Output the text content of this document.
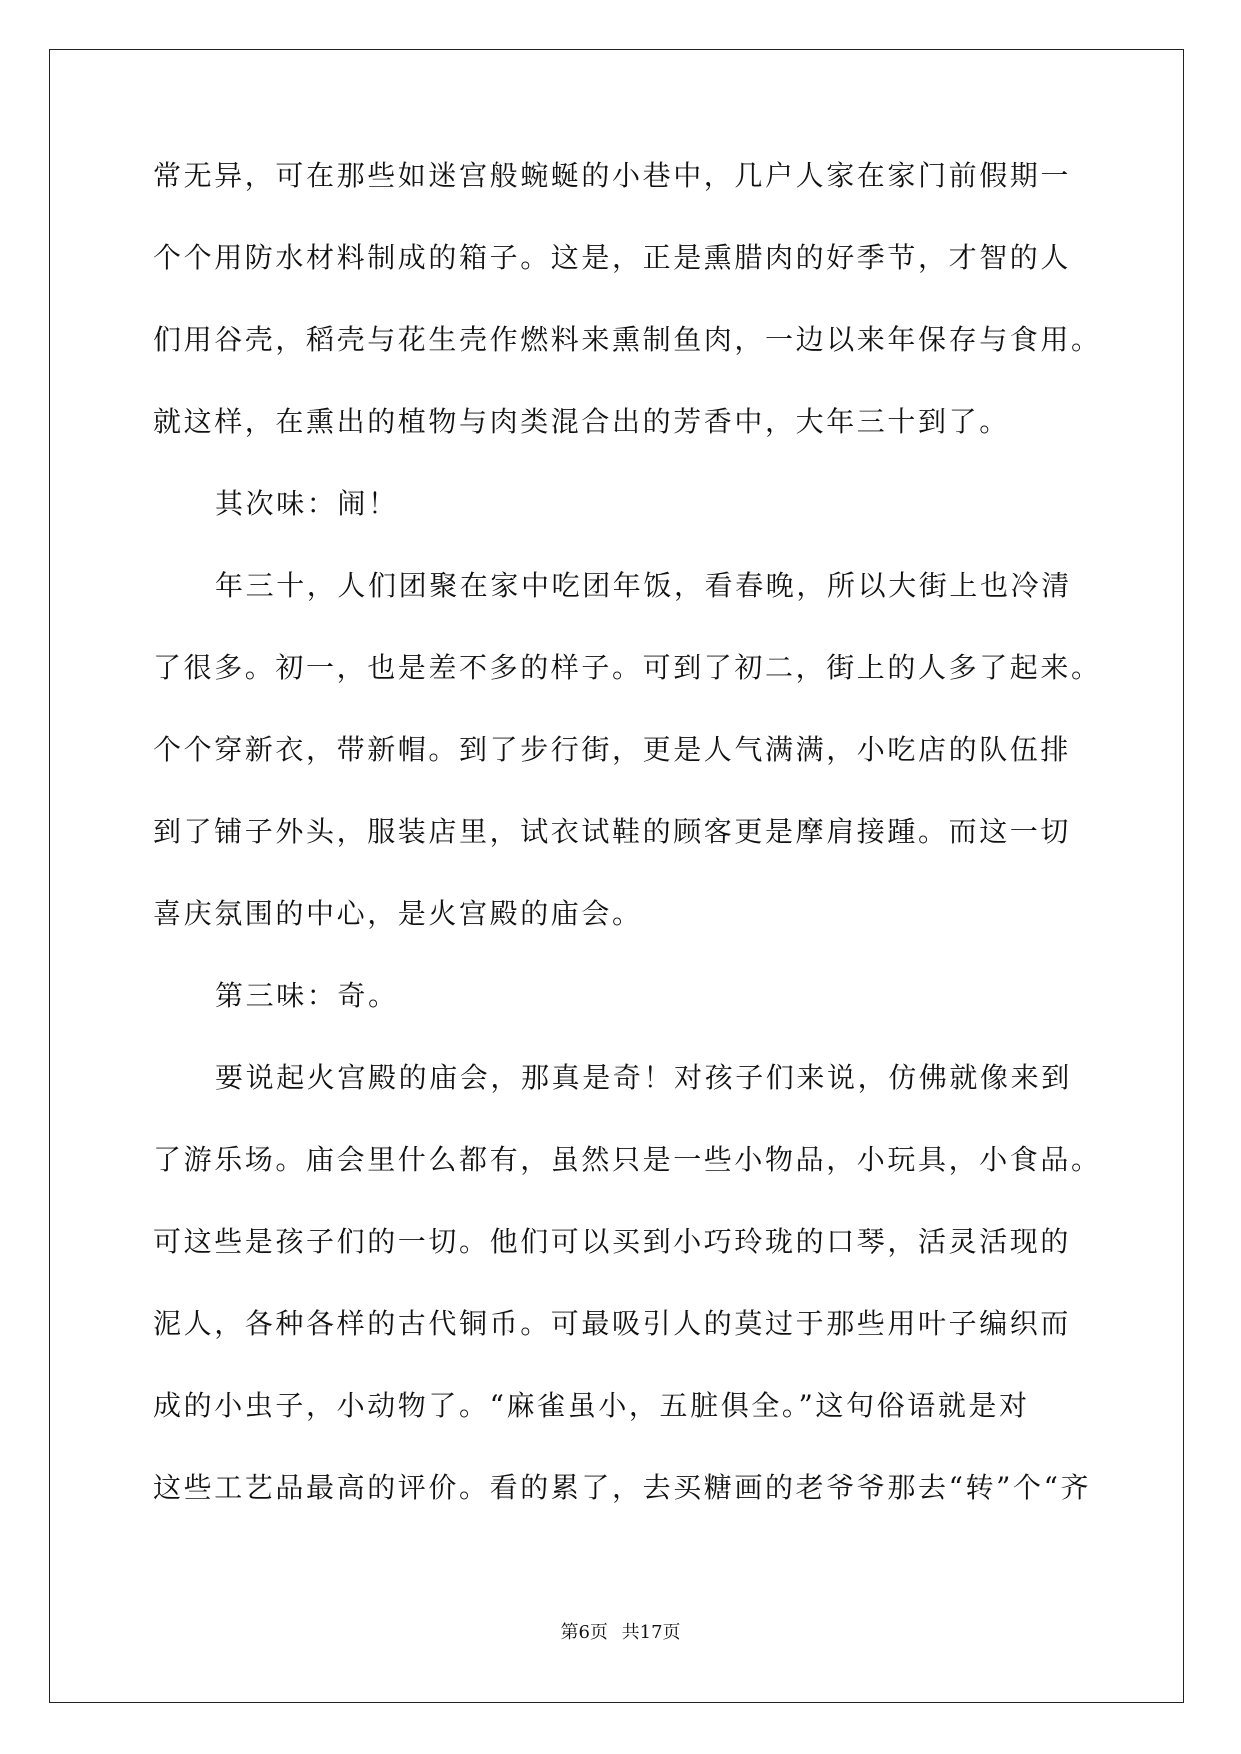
常无异，可在那些如迷宫般蜿蜒的小巷中，几户人家在家门前假期一
个个用防水材料制成的箱子。这是，正是熏腊肉的好季节，才智的人
们用谷壳，稻壳与花生壳作燃料来熏制鱼肉，一边以来年保存与食用。
就这样，在熏出的植物与肉类混合出的芳香中，大年三十到了。
其次味：闹！
年三十，人们团聚在家中吃团年饭，看春晚，所以大街上也冷清
了很多。初一，也是差不多的样子。可到了初二，街上的人多了起来。
个个穿新衣，带新帽。到了步行街，更是人气满满，小吃店的队伍排
到了铺子外头，服装店里，试衣试鞋的顾客更是摩肩接踵。而这一切
喜庆氛围的中心，是火宫殿的庙会。
第三味：奇。
要说起火宫殿的庙会，那真是奇！对孩子们来说，仿佛就像来到
了游乐场。庙会里什么都有，虽然只是一些小物品，小玩具，小食品。
可这些是孩子们的一切。他们可以买到小巧玲珑的口琴，活灵活现的
泥人，各种各样的古代铜币。可最吸引人的莫过于那些用叶子编织而
成的小虫子，小动物了。“麻雀虽小，五脏俱全。”这句俗语就是对
这些工艺品最高的评价。看的累了，去买糖画的老爷爷那去“转”个“齐
第6页 共17页
